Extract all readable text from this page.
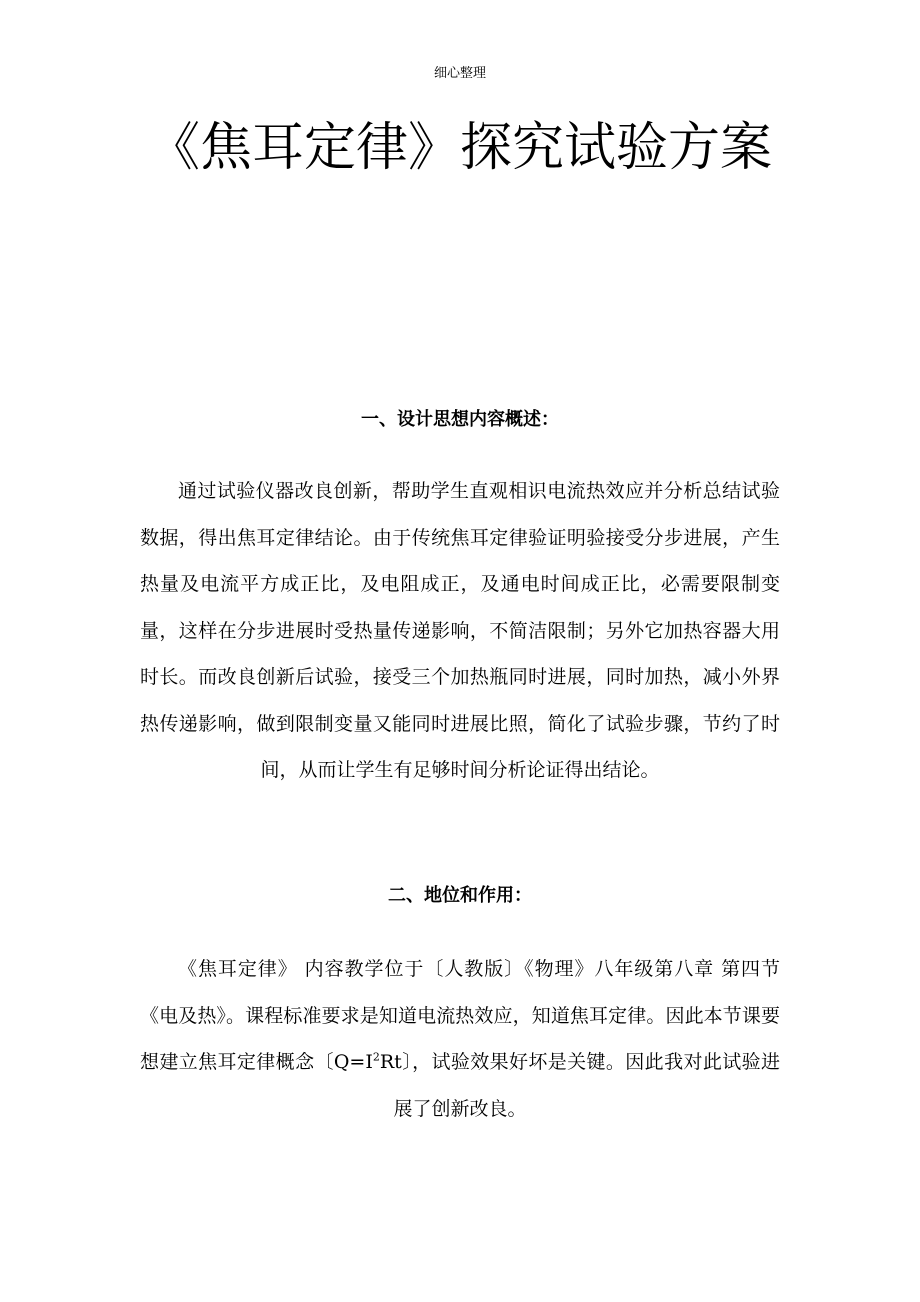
细心整理
《焦耳定律》探究试验方案
一、设计思想内容概述：

通过试验仪器改良创新，帮助学生直观相识电流热效应并分析总结试验数据，得出焦耳定律结论。由于传统焦耳定律验证明验接受分步进展，产生热量及电流平方成正比，及电阻成正，及通电时间成正比，必需要限制变量，这样在分步进展时受热量传递影响，不简洁限制；另外它加热容器大用时长。而改良创新后试验，接受三个加热瓶同时进展，同时加热，减小外界热传递影响，做到限制变量又能同时进展比照，简化了试验步骤，节约了时间，从而让学生有足够时间分析论证得出结论。

二、地位和作用：

《焦耳定律》 内容教学位于〔人教版〕《物理》八年级第八章 第四节《电及热》。课程标准要求是知道电流热效应，知道焦耳定律。因此本节课要想建立焦耳定律概念〔$Q=I^2Rt$〕，试验效果好坏是关键。因此我对此试验进展了创新改良。
